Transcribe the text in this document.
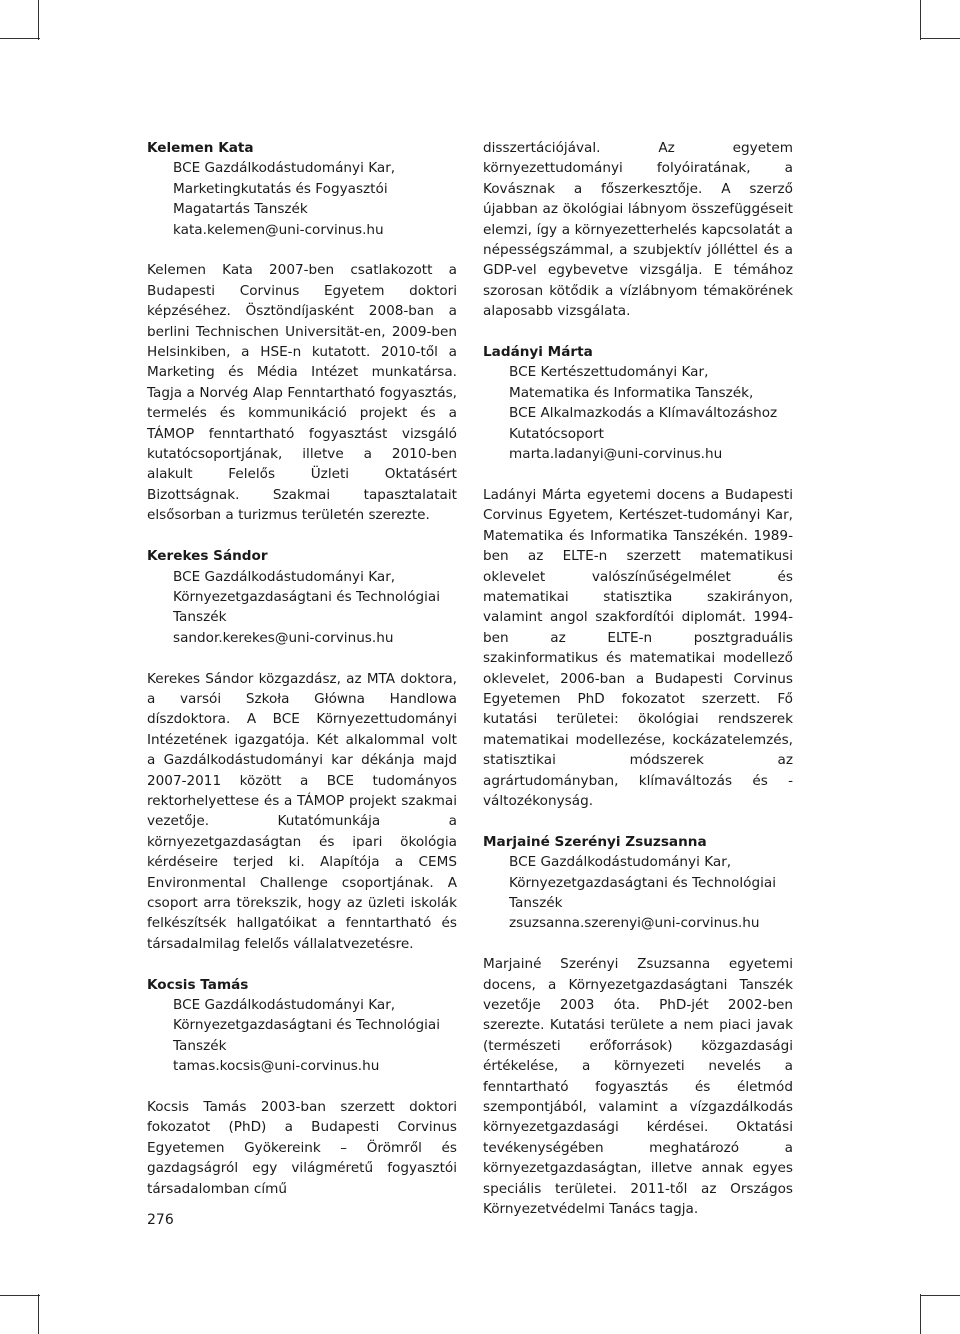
Kelemen Kata

BCE Gazdálkodástudományi Kar,
Marketingkutatás és Fogyasztói
Magatartás Tanszék
kata.kelemen@uni-corvinus.hu

Kelemen Kata 2007-ben csatlakozott a Budapesti Corvinus Egyetem doktori képzéséhez. Ösztöndíjasként 2008-ban a berlini Technischen Universität-en, 2009-ben Helsinkiben, a HSE-n kutatott. 2010-től a Marketing és Média Intézet munkatársa. Tagja a Norvég Alap Fenntartható fogyasztás, termelés és kommunikáció projekt és a TÁMOP fenntartható fogyasztást vizsgáló kutatócsoportjának, illetve a 2010-ben alakult Felelős Üzleti Oktatásért Bizottságnak. Szakmai tapasztalatait elsősorban a turizmus területén szerezte.

Kerekes Sándor

BCE Gazdálkodástudományi Kar,
Környezetgazdaságtani és Technológiai
Tanszék
sandor.kerekes@uni-corvinus.hu

Kerekes Sándor közgazdász, az MTA doktora, a varsói Szkoła Główna Handlowa díszdoktora. A BCE Környezettudományi Intézetének igazgatója. Két alkalommal volt a Gazdálkodástudományi kar dékánja majd 2007-2011 között a BCE tudományos rektorhelyettese és a TÁMOP projekt szakmai vezetője. Kutatómunkája a környezetgazdaságtan és ipari ökológia kérdéseire terjed ki. Alapítója a CEMS Environmental Challenge csoportjának. A csoport arra törekszik, hogy az üzleti iskolák felkészítsék hallgatóikat a fenntartható és társadalmilag felelős vállalatvezetésre.

Kocsis Tamás

BCE Gazdálkodástudományi Kar,
Környezetgazdaságtani és Technológiai
Tanszék
tamas.kocsis@uni-corvinus.hu

Kocsis Tamás 2003-ban szerzett doktori fokozatot (PhD) a Budapesti Corvinus Egyetemen Gyökereink – Örömről és gazdagságról egy világméretű fogyasztói társadalomban című

disszertációjával. Az egyetem környezettudományi folyóiratának, a Kovásznak a főszerkesztője. A szerző újabban az ökológiai lábnyom összefüggéseit elemzi, így a környezetterhelés kapcsolatát a népességszámmal, a szubjektív jólléttel és a GDP-vel egybevetve vizsgálja. E témához szorosan kötődik a vízlábnyom témakörének alaposabb vizsgálata.

Ladányi Márta

BCE Kertészettudományi Kar,
Matematika és Informatika Tanszék,
BCE Alkalmazkodás a Klímaváltozáshoz
Kutatócsoport
marta.ladanyi@uni-corvinus.hu

Ladányi Márta egyetemi docens a Budapesti Corvinus Egyetem, Kertészet-tudományi Kar, Matematika és Informatika Tanszékén. 1989-ben az ELTE-n szerzett matematikusi oklevelet valószínűségelmélet és matematikai statisztika szakirányon, valamint angol szakfordítói diplomát. 1994-ben az ELTE-n posztgraduális szakinformatikus és matematikai modellező oklevelet, 2006-ban a Budapesti Corvinus Egyetemen PhD fokozatot szerzett. Fő kutatási területei: ökológiai rendszerek matematikai modellezése, kockázatelemzés, statisztikai módszerek az agrártudományban, klímaváltozás és -változékonyság.

Marjainé Szerényi Zsuzsanna

BCE Gazdálkodástudományi Kar,
Környezetgazdaságtani és Technológiai
Tanszék
zsuzsanna.szerenyi@uni-corvinus.hu

Marjainé Szerényi Zsuzsanna egyetemi docens, a Környezetgazdaságtani Tanszék vezetője 2003 óta. PhD-jét 2002-ben szerezte. Kutatási területe a nem piaci javak (természeti erőforrások) közgazdasági értékelése, a környezeti nevelés a fenntartható fogyasztás és életmód szempontjából, valamint a vízgazdálkodás környezetgazdasági kérdései. Oktatási tevékenységében meghatározó a környezetgazdaságtan, illetve annak egyes speciális területei. 2011-től az Országos Környezetvédelmi Tanács tagja.

276
